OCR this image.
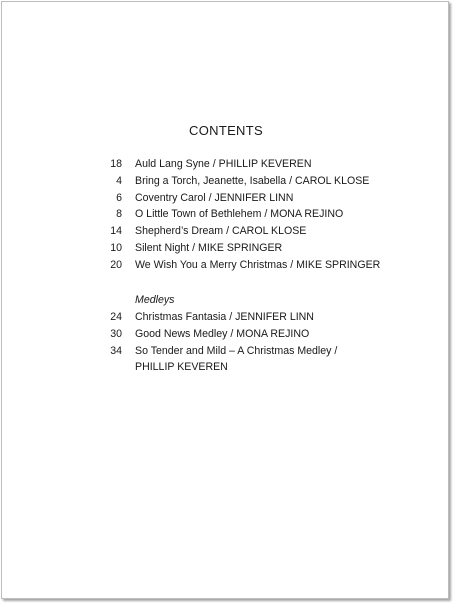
CONTENTS
18 Auld Lang Syne / PHILLIP KEVEREN
4 Bring a Torch, Jeanette, Isabella / CAROL KLOSE
6 Coventry Carol / JENNIFER LINN
8 O Little Town of Bethlehem / MONA REJINO
14 Shepherd’s Dream / CAROL KLOSE
10 Silent Night / MIKE SPRINGER
20 We Wish You a Merry Christmas / MIKE SPRINGER
Medleys
24 Christmas Fantasia / JENNIFER LINN
30 Good News Medley / MONA REJINO
34 So Tender and Mild – A Christmas Medley /
PHILLIP KEVEREN
